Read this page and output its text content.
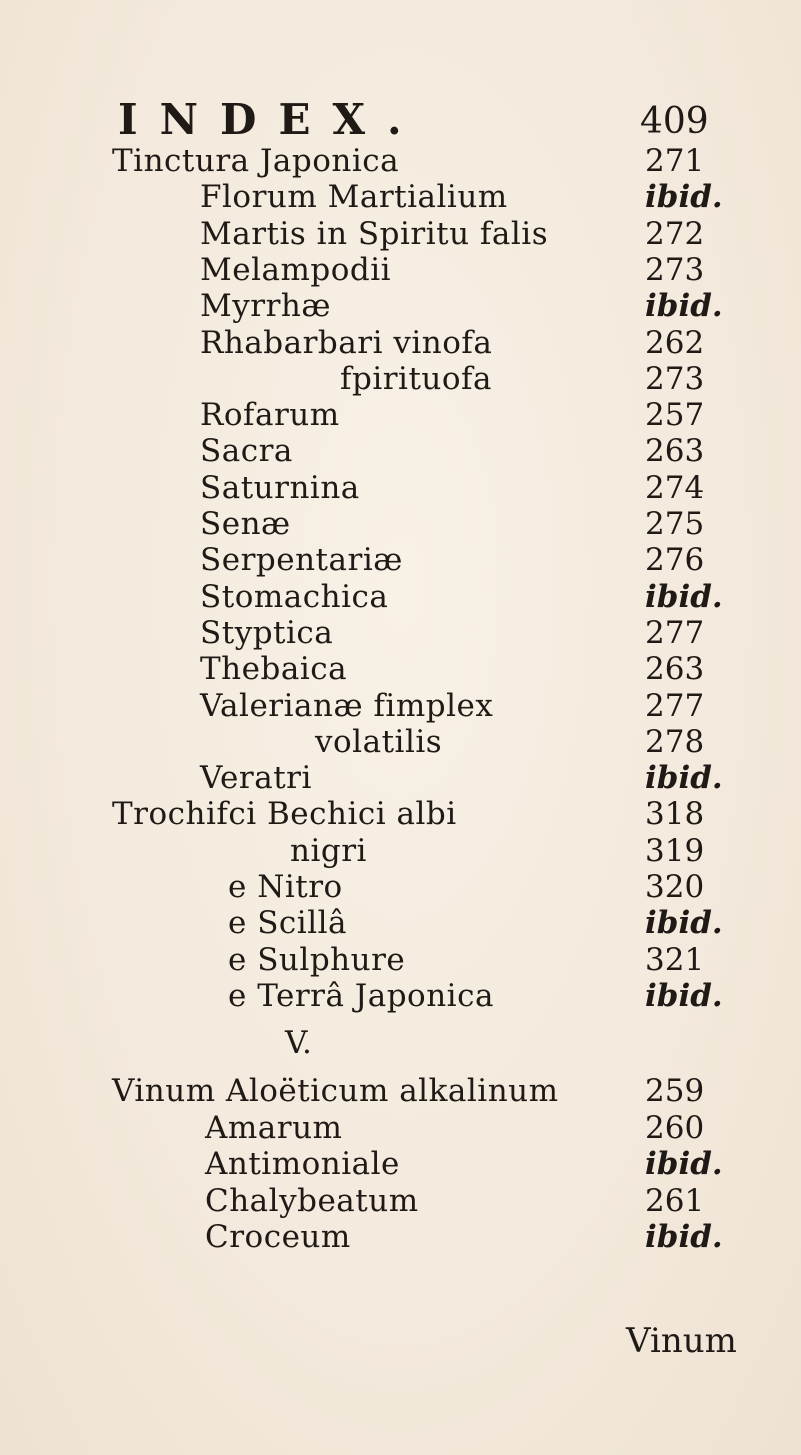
INDEX.	409
Tinctura Japonica	271
Florum Martialium	ibid.
Martis in Spiritu falis	272
Melampodii	273
Myrrhæ	ibid.
Rhabarbari vinofa	262
fpirituofa	273
Rofarum	257
Sacra	263
Saturnina	274
Senæ	275
Serpentariæ	276
Stomachica	ibid.
Styptica	277
Thebaica	263
Valerianæ fimplex	277
volatilis	278
Veratri	ibid.
Trochifci Bechici albi	318
nigri	319
e Nitro	320
e Scillâ	ibid.
e Sulphure	321
e Terrâ Japonica	ibid.
V.
Vinum Aloëticum alkalinum	259
Amarum	260
Antimoniale	ibid.
Chalybeatum	261
Croceum	ibid.
Vinum
